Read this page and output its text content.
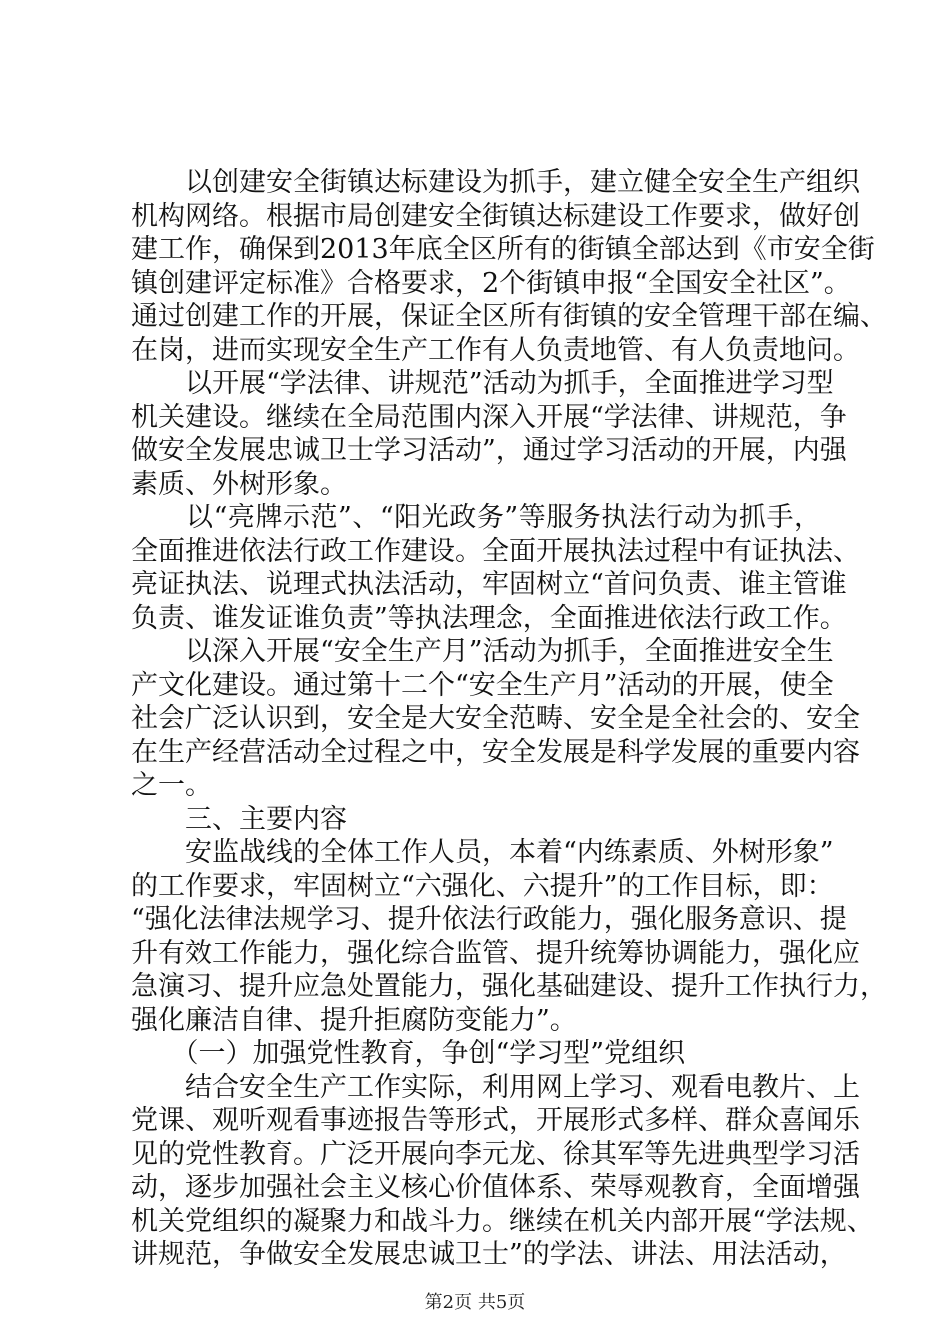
　　以创建安全街镇达标建设为抓手，建立健全安全生产组织
机构网络。根据市局创建安全街镇达标建设工作要求，做好创
建工作，确保到2013年底全区所有的街镇全部达到《市安全街
镇创建评定标准》合格要求，2个街镇申报“全国安全社区”。
通过创建工作的开展，保证全区所有街镇的安全管理干部在编、
在岗，进而实现安全生产工作有人负责地管、有人负责地问。
　　以开展“学法律、讲规范”活动为抓手，全面推进学习型
机关建设。继续在全局范围内深入开展“学法律、讲规范，争
做安全发展忠诚卫士学习活动”，通过学习活动的开展，内强
素质、外树形象。
　　以“亮牌示范”、“阳光政务”等服务执法行动为抓手，
全面推进依法行政工作建设。全面开展执法过程中有证执法、
亮证执法、说理式执法活动，牢固树立“首问负责、谁主管谁
负责、谁发证谁负责”等执法理念，全面推进依法行政工作。
　　以深入开展“安全生产月”活动为抓手，全面推进安全生
产文化建设。通过第十二个“安全生产月”活动的开展，使全
社会广泛认识到，安全是大安全范畴、安全是全社会的、安全
在生产经营活动全过程之中，安全发展是科学发展的重要内容
之一。
　　三、主要内容
　　安监战线的全体工作人员，本着“内练素质、外树形象”
的工作要求，牢固树立“六强化、六提升”的工作目标，即：
“强化法律法规学习、提升依法行政能力，强化服务意识、提
升有效工作能力，强化综合监管、提升统筹协调能力，强化应
急演习、提升应急处置能力，强化基础建设、提升工作执行力，
强化廉洁自律、提升拒腐防变能力”。
　　（一）加强党性教育，争创“学习型”党组织
　　结合安全生产工作实际，利用网上学习、观看电教片、上
党课、观听观看事迹报告等形式，开展形式多样、群众喜闻乐
见的党性教育。广泛开展向李元龙、徐其军等先进典型学习活
动，逐步加强社会主义核心价值体系、荣辱观教育，全面增强
机关党组织的凝聚力和战斗力。继续在机关内部开展“学法规、
讲规范，争做安全发展忠诚卫士”的学法、讲法、用法活动，
第2页 共5页
